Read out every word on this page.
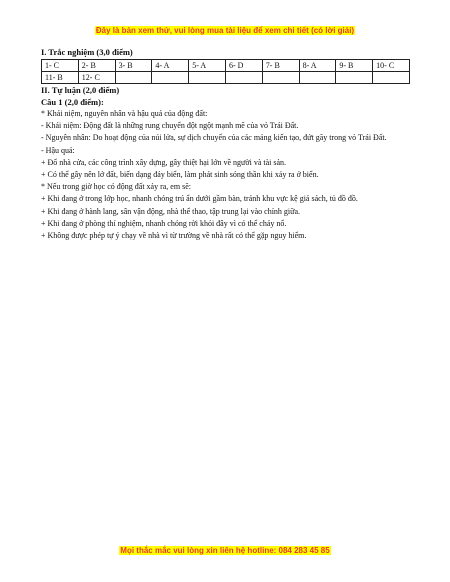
Đây là bản xem thử, vui lòng mua tài liệu để xem chi tiết (có lời giải)

I. Trắc nghiệm (3,0 điểm)

1- C	2- B	3- B	4- A	5- A	6- D	7- B	8- A	9- B	10- C
11- B	12- C								

II. Tự luận (2,0 điểm)

Câu 1 (2,0 điểm):

* Khái niệm, nguyên nhân và hậu quả của động đất:

- Khái niệm: Động đất là những rung chuyển đột ngột mạnh mẽ của vỏ Trái Đất.

- Nguyên nhân: Do hoạt động của núi lửa, sự dịch chuyển của các mảng kiến tạo, đứt gãy trong vỏ Trái Đất.

- Hậu quả:

+ Đổ nhà cửa, các công trình xây dựng, gây thiệt hại lớn về người và tài sản.

+ Có thể gây nên lở đất, biến dạng đáy biển, làm phát sinh sóng thần khi xảy ra ở biển.

* Nếu trong giờ học có động đất xảy ra, em sẽ:

+ Khi đang ở trong lớp học, nhanh chóng trú ẩn dưới gầm bàn, tránh khu vực kệ giá sách, tủ đồ đồ.

+ Khi đang ở hành lang, sân vận động, nhà thể thao, tập trung lại vào chính giữa.

+ Khi đang ở phòng thí nghiệm, nhanh chóng rời khỏi đây vì có thể cháy nổ.

+ Không được phép tự ý chạy về nhà vì từ trường về nhà rất có thể gặp nguy hiểm.

Mọi thắc mắc vui lòng xin liên hệ hotline: 084 283 45 85
